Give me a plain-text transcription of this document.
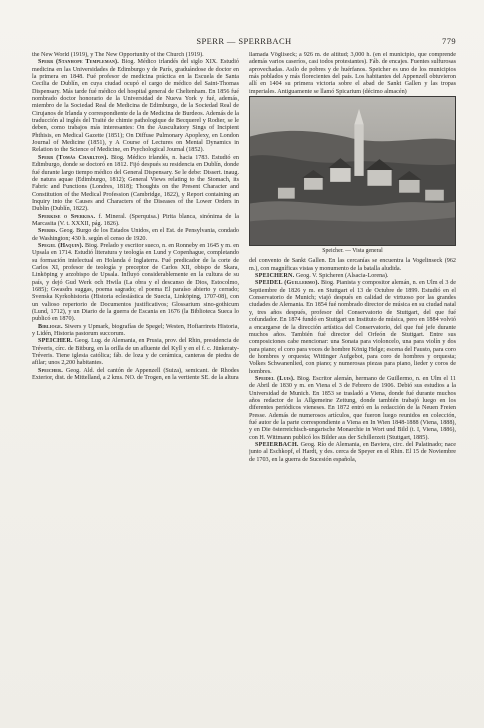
SPERR — SPERRBACH	779

the New World (1919), y The New Opportunity of the Church (1919).

Sperr (Stanhope Templeman). Biog. Médico irlandés del siglo XIX. Estudió medicina en las Universidades de Edimburgo y de París, graduándose de doctor en la primera en 1848. Fué profesor de medicina práctica en la Escuela de Santa Cecilia de Dublín, en cuya ciudad ocupó el cargo de médico del Saint-Thomas Dispensary. Más tarde fué médico del hospital general de Cheltenham. En 1856 fué nombrado doctor honorario de la Universidad de Nueva York y fué, además, miembro de la Sociedad Real de Medicina de Edimburgo, de la Sociedad Real de Cirujanos de Irlanda y correspondiente de la de Medicina de Burdeos. Además de la traducción al inglés del Traité de chimie pathologique de Becquerel y Rodier, se le deben, como trabajos más interesantes: On the Auscultatory Sings of Incipient Phthisis, en Medical Gazette (1851); On Diffuse Pulmonary Apoplexy, en London Journal of Medicine (1851), y A Course of Lectures on Mental Dynamics in Relation to the Science of Medicine, en Psychological Journal (1852).

Sperr (Tomás Charlton). Biog. Médico irlandés, n. hacia 1783. Estudió en Edimburgo, donde se doctoró en 1812. Fijó después su residencia en Dublín, donde fué durante largo tiempo médico del General Dispensary. Se le debe: Dissert. inaug. de natura aquae (Edimburgo, 1812); General Views relating to the Stomach, its Fabric and Functions (Londres, 1818); Thoughts on the Present Character and Constitution of the Medical Profession (Cambridge, 1822), y Report containing an Inquiry into the Causes and Characters of the Diseases of the Lower Orders in Dublin (Dublín, 1822).

Sperkise o Sperkisa. f. Mineral. (Sperquisa.) Pirita blanca, sinónima de la Marcasita (V. t. XXXII, pág. 1826).

Sperrs. Geog. Burgo de los Estados Unidos, en el Est. de Pensylvania, condado de Washington; 430 h. según el censo de 1920.

Spegel (Haquin). Biog. Prelado y escritor sueco, n. en Ronneby en 1645 y m. en Upsala en 1714. Estudió literatura y teología en Lund y Copenhague, completando su formación intelectual en Holanda é Inglaterra. Fué predicador de la corte de Carlos XI, profesor de teología y preceptor de Carlos XII, obispo de Skara, Linköping y arzobispo de Upsala. Influyó considerablemente en la cultura de su país, y dejó Gud Werk och Hwila (La obra y el descanso de Dios, Estocolmo, 1685); Gwasdrs suggas, poema sagrado; el poema El paraíso abierto y cerrado; Svenska Kyrkohistoria (Historia eclesiástica de Suecia, Linköping, 1707-08), con un valioso repertorio de Documentos justificativos; Glossarium sino-gothicum (Lund, 1712), y un Diario de la guerra de Escania en 1676 (la Biblioteca Sueca lo publicó en 1870).

Biblioge. Siwers y Upmark, biografías de Spegel; Westen, Hofiarrirets Historia, y Lidén, Historia pastorum succorum.

SPEICHER. Geog. Lug. de Alemania, en Prusia, prov. del Rhin, presidencia de Tréveris, círc. de Bitburg, en la orilla de un afluente del Kyll y en el f. c. Jünkeraty-Tréveris. Tiene iglesia católica; fáb. de loza y de cerámica, canteras de piedra de afilar; unos 2,200 habitantes.

Speicher. Geog. Ald. del cantón de Appenzell (Suiza), semicant. de Rhodes Exterior, dist. de Mittelland, a 2 kms. NO. de Trogen, en la vertiente SE. de la altura

llamada Vögliseck; a 926 m. de altitud; 3,000 h. (en el municipio, que comprende además varios caseríos, casi todos protestantes). Fáb. de encajes. Fuentes sulfurosas aprovechadas. Asilo de pobres y de huérfanos. Speicher es uno de los municipios más poblados y más florecientes del país. Los habitantes del Appenzell obtuvieron allí en 1404 su primera victoria sobre el abad de Sankt Gallen y las tropas imperiales. Antiguamente se llamó Spicarium (décimo almacén)

Speicher. — Vista general

del convento de Sankt Gallen. En las cercanías se encuentra la Vogelinseck (962 m.), con magníficas vistas y monumento de la batalla aludida.

SPEICHERN. Geog. V. Spicheren (Alsacia-Lorena).

SPEIDEL (Guillermo). Biog. Pianista y compositor alemán, n. en Ulm el 3 de Septiembre de 1826 y m. en Stuttgart el 13 de Octubre de 1899. Estudió en el Conservatorio de Munich; viajó después en calidad de virtuoso por las grandes ciudades de Alemania. En 1854 fué nombrado director de música en su ciudad natal y, tres años después, profesor del Conservatorio de Stuttgart, del que fué cofundador. En 1874 fundó en Stuttgart un Instituto de música, pero en 1884 volvió a encargarse de la dirección artística del Conservatorio, del que fué jefe durante muchos años. También fué director del Orfeón de Stuttgart. Entre sus composiciones cabe mencionar: una Sonata para violoncelo, una para violín y dos para piano; el coro para voces de hombre König Helge; escena del Fausto, para coro de hombres y orquesta; Wittinger Aufgebot, para coro de hombres y orquesta; Volkes Schwanenlied, con piano; y numerosas piezas para piano, lieder y coros de hombres.

Speidel (Luis). Biog. Escritor alemán, hermano de Guillermo, n. en Ulm el 11 de Abril de 1830 y m. en Viena el 3 de Febrero de 1906. Debió sus estudios a la Universidad de Munich. En 1853 se trasladó a Viena, donde fué durante muchos años redactor de la Allgemeine Zeitung, donde también trabajó luego en los diferentes periódicos vieneses. En 1872 entró en la redacción de la Neuen Freien Presse. Además de numerosos artículos, que fueron luego reunidos en colección, fué autor de la parte correspondiente a Viena en In Wien 1848-1888 (Viena, 1888), y en Die österreichisch-ungarische Monarchie in Wort und Bild (t. I, Viena, 1886), con H. Wittmann publicó los Bilder aus der Schillerzeit (Stuttgart, 1885).

SPEIERBACH. Geog. Río de Alemania, en Baviera, circ. del Palatinado; nace junto al Eschkopf, el Hardt, y des. cerca de Speyer en el Rhin. El 15 de Noviembre de 1703, en la guerra de Sucesión española,
